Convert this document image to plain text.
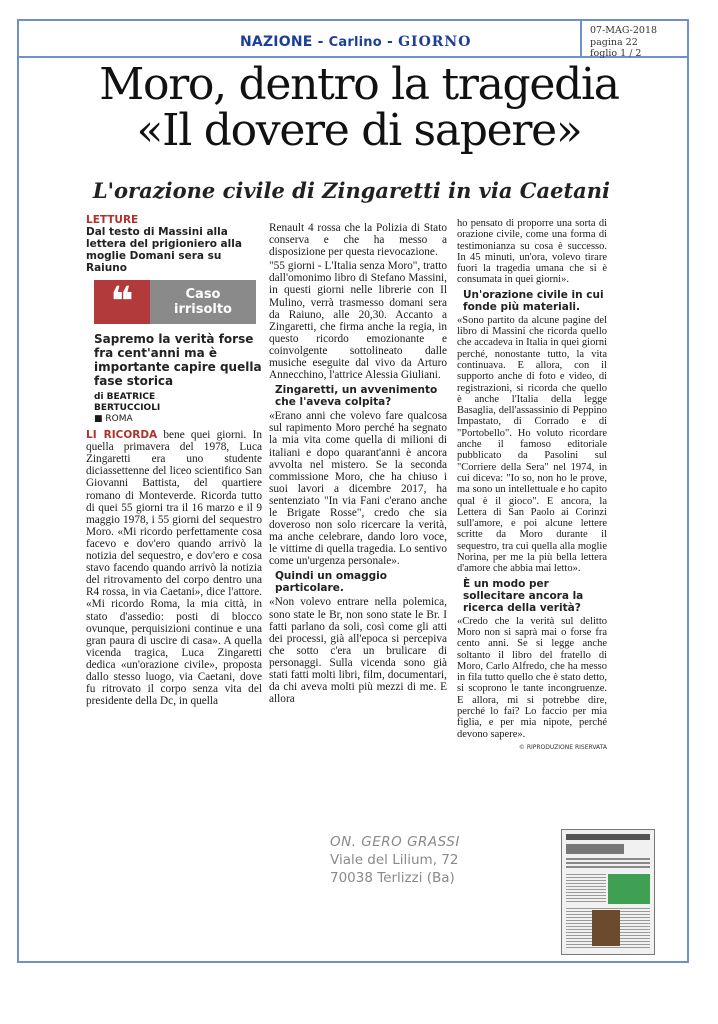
NAZIONE - Carlino - GIORNO
07-MAG-2018
pagina 22
foglio 1 / 2
Moro, dentro la tragedia
«Il dovere di sapere»
L'orazione civile di Zingaretti in via Caetani
LETTURE
Dal testo di Massini alla lettera del prigioniero alla moglie Domani sera su Raiuno
❝	Caso
irrisolto
Sapremo la verità forse fra cent'anni ma è importante capire quella fase storica
di BEATRICE
BERTUCCIOLI
■ ROMA

LI RICORDA bene quei giorni. In quella primavera del 1978, Luca Zingaretti era uno studente diciassettenne del liceo scientifico San Giovanni Battista, del quartiere romano di Monteverde. Ricorda tutto di quei 55 giorni tra il 16 marzo e il 9 maggio 1978, i 55 giorni del sequestro Moro. «Mi ricordo perfettamente cosa facevo e dov'ero quando arrivò la notizia del sequestro, e dov'ero e cosa stavo facendo quando arrivò la notizia del ritrovamento del corpo dentro una R4 rossa, in via Caetani», dice l'attore. «Mi ricordo Roma, la mia città, in stato d'assedio: posti di blocco ovunque, perquisizioni continue e una gran paura di uscire di casa». A quella vicenda tragica, Luca Zingaretti dedica «un'orazione civile», proposta dallo stesso luogo, via Caetani, dove fu ritrovato il corpo senza vita del presidente della Dc, in quella

Renault 4 rossa che la Polizia di Stato conserva e che ha messo a disposizione per questa rievocazione.

"55 giorni - L'Italia senza Moro", tratto dall'omonimo libro di Stefano Massini, in questi giorni nelle librerie con Il Mulino, verrà trasmesso domani sera da Raiuno, alle 20,30. Accanto a Zingaretti, che firma anche la regia, in questo ricordo emozionante e coinvolgente sottolineato dalle musiche eseguite dal vivo da Arturo Annecchino, l'attrice Alessia Giuliani.

Zingaretti, un avvenimento che l'aveva colpita?

«Erano anni che volevo fare qualcosa sul rapimento Moro perché ha segnato la mia vita come quella di milioni di italiani e dopo quarant'anni è ancora avvolta nel mistero. Se la seconda commissione Moro, che ha chiuso i suoi lavori a dicembre 2017, ha sentenziato "In via Fani c'erano anche le Brigate Rosse", credo che sia doveroso non solo ricercare la verità, ma anche celebrare, dando loro voce, le vittime di quella tragedia. Lo sentivo come un'urgenza personale».

Quindi un omaggio particolare.

«Non volevo entrare nella polemica, sono state le Br, non sono state le Br. I fatti parlano da soli, così come gli atti dei processi, già all'epoca si percepiva che sotto c'era un brulicare di personaggi. Sulla vicenda sono già stati fatti molti libri, film, documentari, da chi aveva molti più mezzi di me. E allora

ho pensato di proporre una sorta di orazione civile, come una forma di testimonianza su cosa è successo. In 45 minuti, un'ora, volevo tirare fuori la tragedia umana che si è consumata in quei giorni».

Un'orazione civile in cui fonde più materiali.

«Sono partito da alcune pagine del libro di Massini che ricorda quello che accadeva in Italia in quei giorni perché, nonostante tutto, la vita continuava. E allora, con il supporto anche di foto e video, di registrazioni, si ricorda che quello è anche l'Italia della legge Basaglia, dell'assassinio di Peppino Impastato, di Corrado e di "Portobello". Ho voluto ricordare anche il famoso editoriale pubblicato da Pasolini sul "Corriere della Sera" nel 1974, in cui diceva: "Io so, non ho le prove, ma sono un intellettuale e ho capito qual è il gioco". E ancora, la Lettera di San Paolo ai Corinzi sull'amore, e poi alcune lettere scritte da Moro durante il sequestro, tra cui quella alla moglie Norina, per me la più bella lettera d'amore che abbia mai letto».

È un modo per sollecitare ancora la ricerca della verità?

«Credo che la verità sul delitto Moro non si saprà mai o forse fra cento anni. Se si legge anche soltanto il libro del fratello di Moro, Carlo Alfredo, che ha messo in fila tutto quello che è stato detto, si scoprono le tante incongruenze. E allora, mi si potrebbe dire, perché lo fai? Lo faccio per mia figlia, e per mia nipote, perché devono sapere».

© RIPRODUZIONE RISERVATA
ON. GERO GRASSI
Viale del Lilium, 72
70038 Terlizzi (Ba)
